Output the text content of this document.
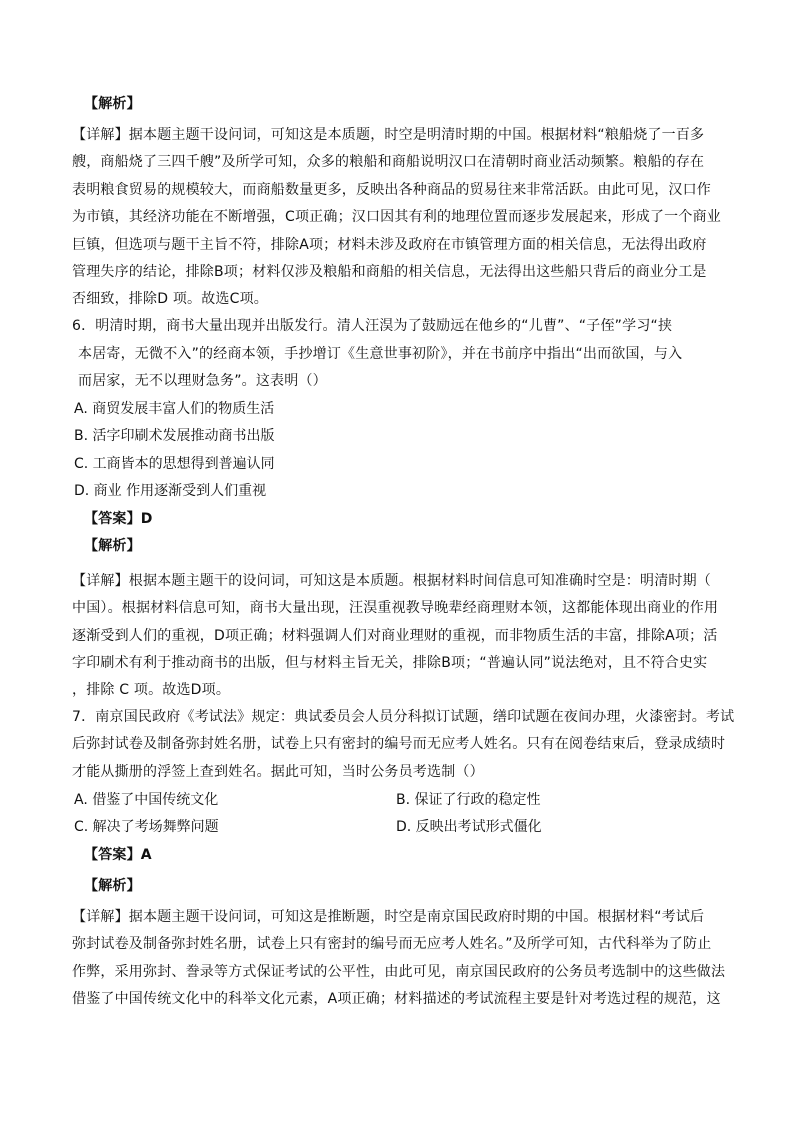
【解析】
【详解】据本题主题干设问词，可知这是本质题，时空是明清时期的中国。根据材料“粮船烧了一百多
艘，商船烧了三四千艘”及所学可知，众多的粮船和商船说明汉口在清朝时商业活动频繁。粮船的存在
表明粮食贸易的规模较大，而商船数量更多，反映出各种商品的贸易往来非常活跃。由此可见，汉口作
为市镇，其经济功能在不断增强，C项正确；汉口因其有利的地理位置而逐步发展起来，形成了一个商业
巨镇，但选项与题干主旨不符，排除A项；材料未涉及政府在市镇管理方面的相关信息，无法得出政府
管理失序的结论，排除B项；材料仅涉及粮船和商船的相关信息，无法得出这些船只背后的商业分工是
否细致，排除D 项。故选C项。
6．明清时期，商书大量出现并出版发行。清人汪淏为了鼓励远在他乡的“儿曹”、“子侄”学习“挟
本居寄，无微不入”的经商本领，手抄增订《生意世事初阶》，并在书前序中指出“出而欲国，与入
而居家，无不以理财急务”。这表明（）
A. 商贸发展丰富人们的物质生活
B. 活字印刷术发展推动商书出版
C. 工商皆本的思想得到普遍认同
D. 商业 作用逐渐受到人们重视
【答案】D
【解析】
【详解】根据本题主题干的设问词，可知这是本质题。根据材料时间信息可知准确时空是：明清时期（
中国）。根据材料信息可知，商书大量出现，汪淏重视教导晚辈经商理财本领，这都能体现出商业的作用
逐渐受到人们的重视，D项正确；材料强调人们对商业理财的重视，而非物质生活的丰富，排除A项；活
字印刷术有利于推动商书的出版，但与材料主旨无关，排除B项；“普遍认同”说法绝对，且不符合史实
，排除 C 项。故选D项。
7．南京国民政府《考试法》规定：典试委员会人员分科拟订试题，缮印试题在夜间办理，火漆密封。考试
后弥封试卷及制备弥封姓名册，试卷上只有密封的编号而无应考人姓名。只有在阅卷结束后，登录成绩时
才能从撕册的浮签上查到姓名。据此可知，当时公务员考选制（）
A. 借鉴了中国传统文化	B. 保证了行政的稳定性
C. 解决了考场舞弊问题	D. 反映出考试形式僵化
【答案】A
【解析】
【详解】据本题主题干设问词，可知这是推断题，时空是南京国民政府时期的中国。根据材料“考试后
弥封试卷及制备弥封姓名册，试卷上只有密封的编号而无应考人姓名。”及所学可知，古代科举为了防止
作弊，采用弥封、誊录等方式保证考试的公平性，由此可见，南京国民政府的公务员考选制中的这些做法
借鉴了中国传统文化中的科举文化元素，A项正确；材料描述的考试流程主要是针对考选过程的规范，这
